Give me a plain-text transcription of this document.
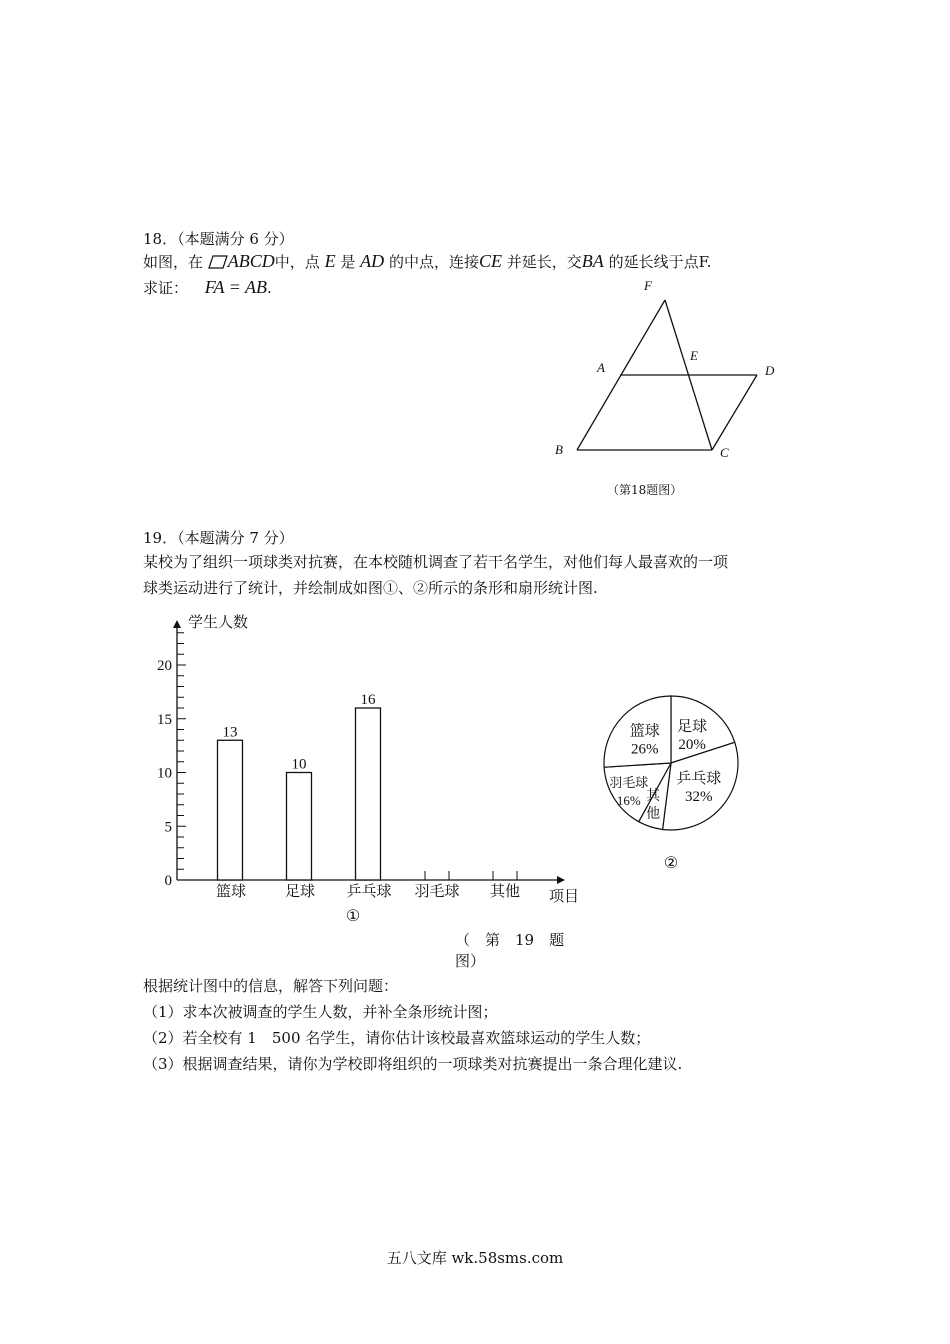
18．（本题满分 6 分）
如图，在 ABCD中，点 E 是 AD 的中点，连接CE 并延长，交BA 的延长线于点F.
求证： FA = AB.	F
A
E
D
B	C
（第18题图）
19．（本题满分 7 分）
某校为了组织一项球类对抗赛，在本校随机调查了若干名学生，对他们每人最喜欢的一项
球类运动进行了统计，并绘制成如图①、②所示的条形和扇形统计图.
0
5
10
15
20
学生人数
项目
13
篮球
10
足球
16
乒乓球 羽毛球 其他
①
足球
20%
乒乓球
32%
其
他
羽毛球
16%
篮球
26%
②
（　第　19　题
图）
根据统计图中的信息，解答下列问题：
（1）求本次被调查的学生人数，并补全条形统计图；
（2）若全校有 1　500 名学生，请你估计该校最喜欢篮球运动的学生人数；
（3）根据调查结果，请你为学校即将组织的一项球类对抗赛提出一条合理化建议.
五八文库 wk.58sms.com
